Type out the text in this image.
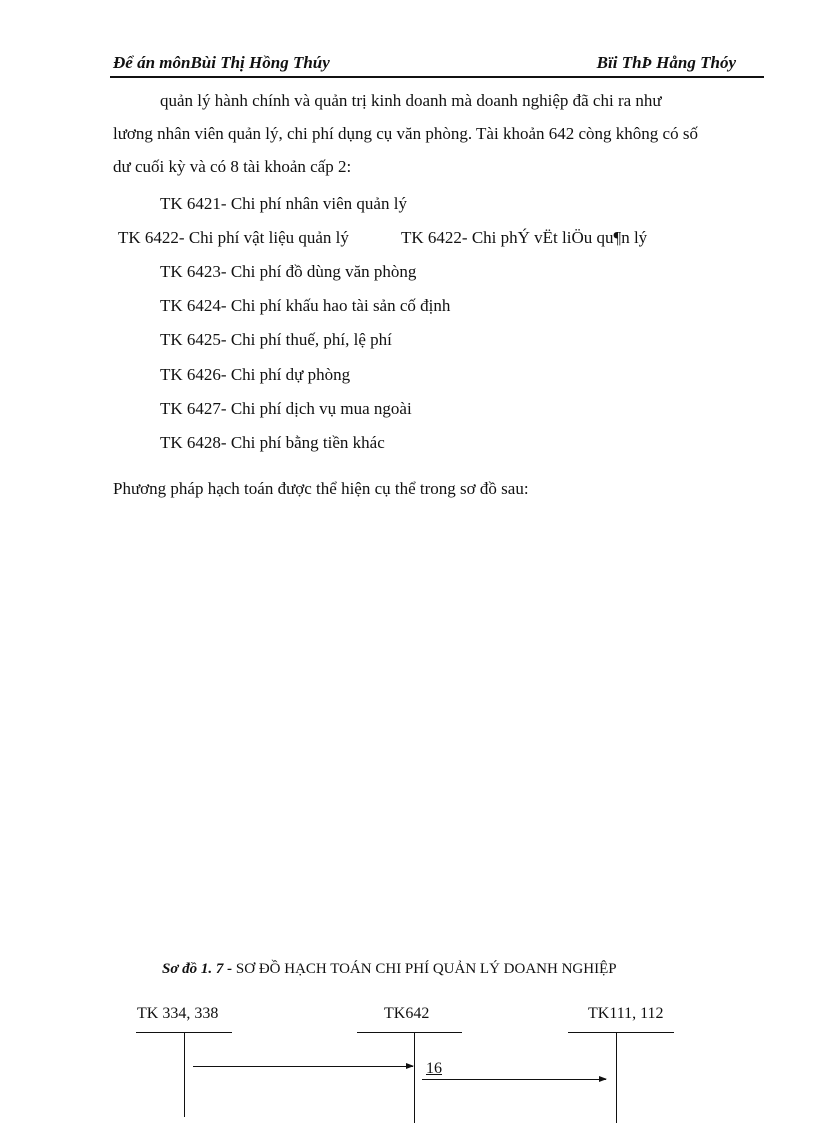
Để án mônBùi Thị Hồng Thúy	Bïi ThÞ Hång Thóy

quản lý hành chính và quản trị kinh doanh mà doanh nghiệp đã chi ra như

lương nhân viên quản lý, chi phí dụng cụ văn phòng. Tài khoản 642 còng không có số

dư cuối kỳ và có 8 tài khoản cấp 2:

TK 6421- Chi phí nhân viên quản lý
TK 6422- Chi phí vật liệu quản lý	TK 6422- Chi phÝ vËt liÖu qu¶n lý
TK 6423- Chi phí đồ dùng văn phòng
TK 6424- Chi phí khấu hao tài sản cố định
TK 6425- Chi phí thuế, phí, lệ phí
TK 6426- Chi phí dự phòng
TK 6427- Chi phí dịch vụ mua ngoài
TK 6428- Chi phí bằng tiền khác
Phương pháp hạch toán được thể hiện cụ thể trong sơ đồ sau:
Sơ đồ 1. 7 - SƠ ĐỒ HẠCH TOÁN CHI PHÍ QUẢN LÝ DOANH NGHIỆP
TK 334, 338	TK642	TK111, 112
16
